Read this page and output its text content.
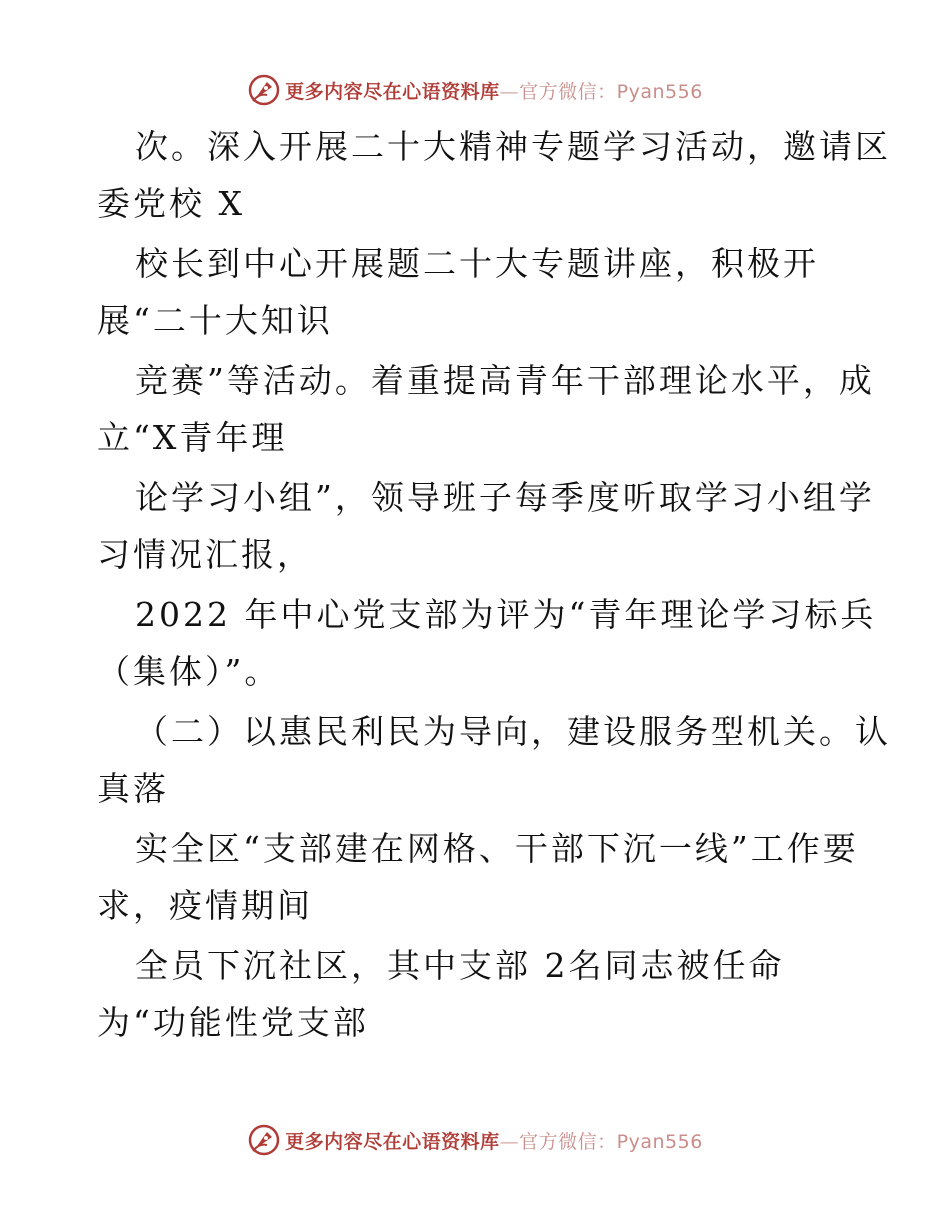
更多内容尽在心语资料库—官方微信：Pyan556
次。深入开展二十大精神专题学习活动，邀请区
委党校 X
校长到中心开展题二十大专题讲座，积极开
展“二十大知识
竞赛”等活动。着重提高青年干部理论水平，成
立“X青年理
论学习小组”，领导班子每季度听取学习小组学
习情况汇报，
2022 年中心党支部为评为“青年理论学习标兵
（集体）”。
（二）以惠民利民为导向，建设服务型机关。认
真落
实全区“支部建在网格、干部下沉一线”工作要
求，疫情期间
全员下沉社区，其中支部 2名同志被任命
为“功能性党支部
更多内容尽在心语资料库—官方微信：Pyan556
